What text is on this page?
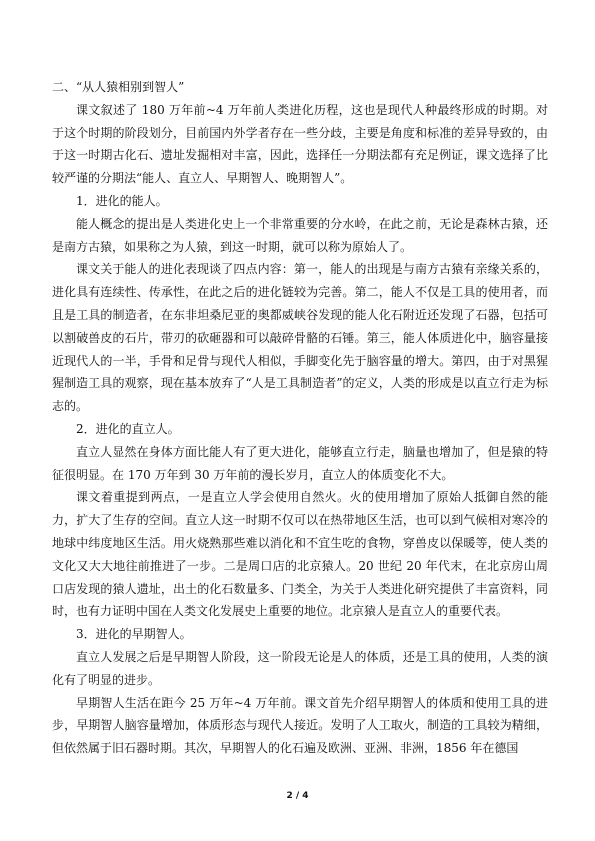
二、“从人猿相别到智人”

课文叙述了 180 万年前~4 万年前人类进化历程，这也是现代人种最终形成的时期。对于这个时期的阶段划分，目前国内外学者存在一些分歧，主要是角度和标准的差异导致的，由于这一时期古化石、遗址发掘相对丰富，因此，选择任一分期法都有充足例证，课文选择了比较严谨的分期法“能人、直立人、早期智人、晚期智人”。

1．进化的能人。

能人概念的提出是人类进化史上一个非常重要的分水岭，在此之前，无论是森林古猿，还是南方古猿，如果称之为人猿，到这一时期，就可以称为原始人了。

课文关于能人的进化表现谈了四点内容：第一，能人的出现是与南方古猿有亲缘关系的，进化具有连续性、传承性，在此之后的进化链较为完善。第二，能人不仅是工具的使用者，而且是工具的制造者，在东非坦桑尼亚的奥都威峡谷发现的能人化石附近还发现了石器，包括可以割破兽皮的石片，带刃的砍砸器和可以敲碎骨骼的石锤。第三，能人体质进化中，脑容量接近现代人的一半，手骨和足骨与现代人相似，手脚变化先于脑容量的增大。第四，由于对黑猩猩制造工具的观察，现在基本放弃了“人是工具制造者”的定义，人类的形成是以直立行走为标志的。

2．进化的直立人。

直立人显然在身体方面比能人有了更大进化，能够直立行走，脑量也增加了，但是猿的特征很明显。在 170 万年到 30 万年前的漫长岁月，直立人的体质变化不大。

课文着重提到两点，一是直立人学会使用自然火。火的使用增加了原始人抵御自然的能力，扩大了生存的空间。直立人这一时期不仅可以在热带地区生活，也可以到气候相对寒冷的地球中纬度地区生活。用火烧熟那些难以消化和不宜生吃的食物，穿兽皮以保暖等，使人类的文化又大大地往前推进了一步。二是周口店的北京猿人。20 世纪 20 年代末，在北京房山周口店发现的猿人遗址，出土的化石数量多、门类全，为关于人类进化研究提供了丰富资料，同时，也有力证明中国在人类文化发展史上重要的地位。北京猿人是直立人的重要代表。

3．进化的早期智人。

直立人发展之后是早期智人阶段，这一阶段无论是人的体质，还是工具的使用，人类的演化有了明显的进步。

早期智人生活在距今 25 万年~4 万年前。课文首先介绍早期智人的体质和使用工具的进步，早期智人脑容量增加，体质形态与现代人接近。发明了人工取火，制造的工具较为精细，但依然属于旧石器时期。其次，早期智人的化石遍及欧洲、亚洲、非洲，1856 年在德国

2 / 4
